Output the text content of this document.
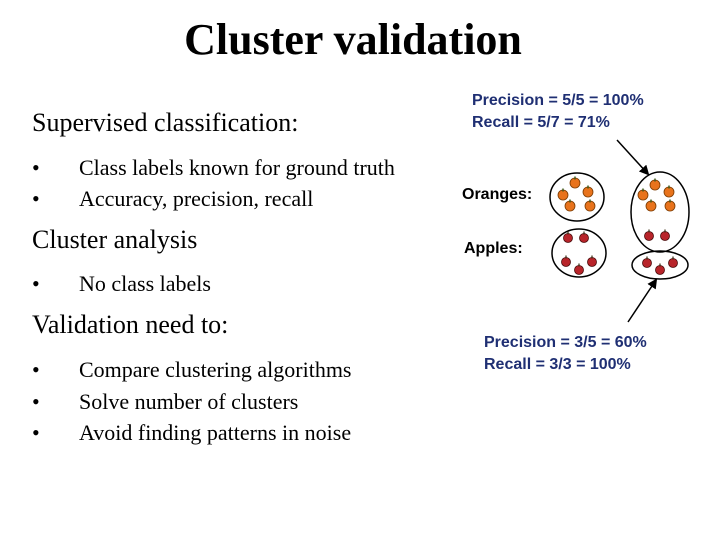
Cluster validation
Supervised classification:
•	Class labels known for ground truth
•	Accuracy, precision, recall
Cluster analysis
•	No class labels
Validation need to:
•	Compare clustering algorithms
•	Solve number of clusters
•	Avoid finding patterns in noise
Precision = 5/5 = 100%
Recall = 5/7 = 71%
Oranges:
Apples:
Precision = 3/5 = 60%
Recall = 3/3 = 100%
